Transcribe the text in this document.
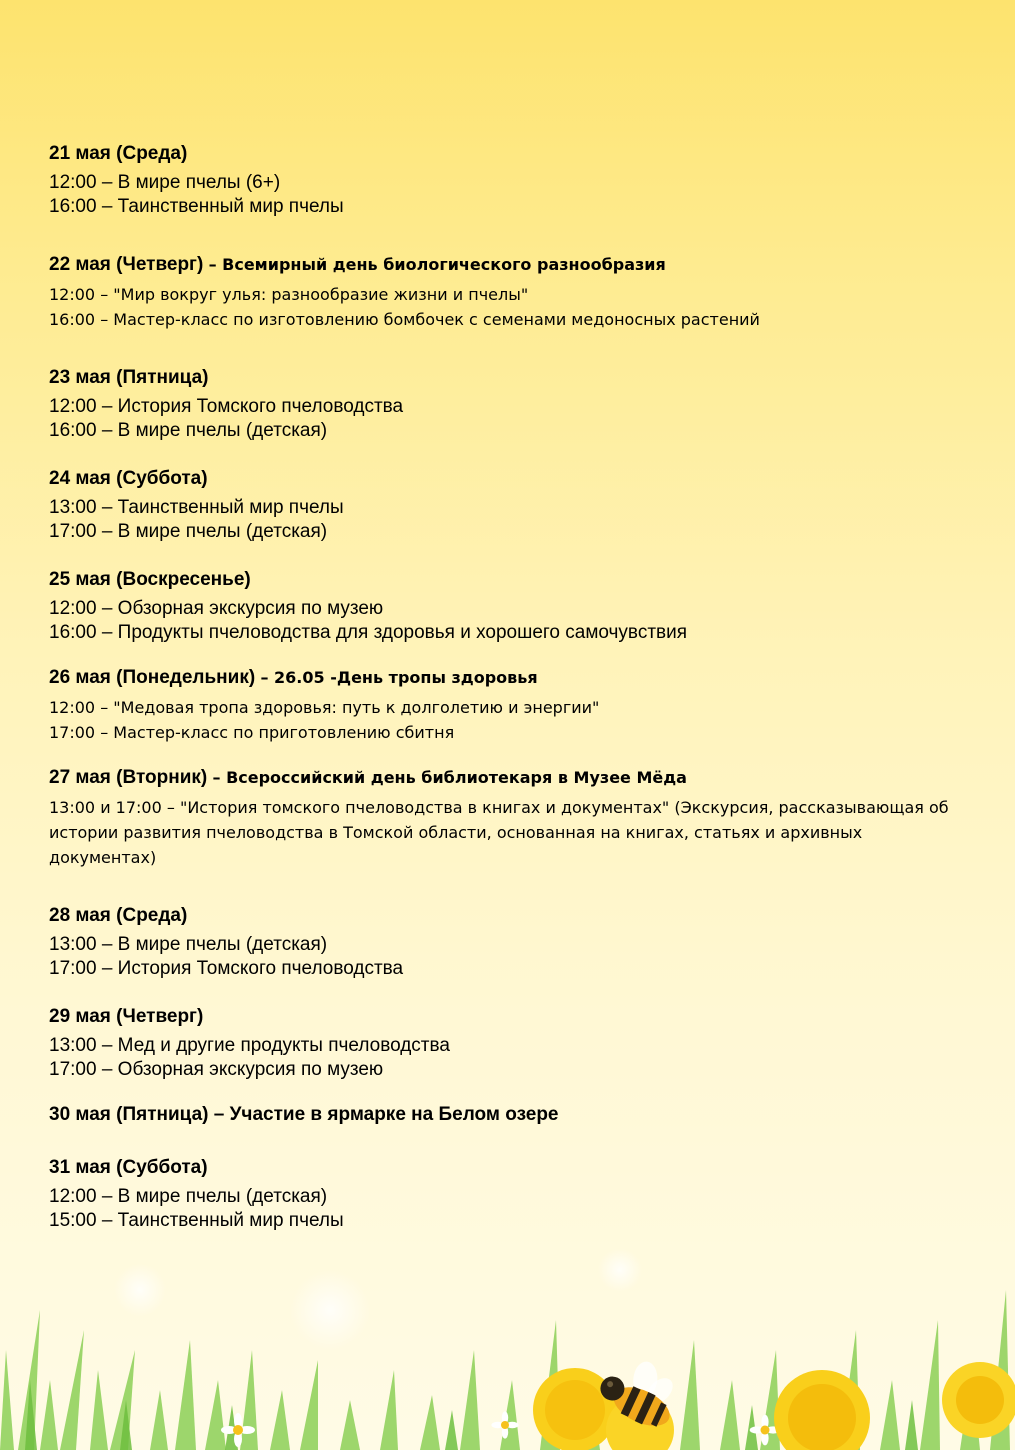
21 мая (Среда)
12:00 – В мире пчелы (6+)
16:00 – Таинственный мир пчелы
22 мая (Четверг) – Всемирный день биологического разнообразия
12:00 – "Мир вокруг улья: разнообразие жизни и пчелы"
16:00 – Мастер-класс по изготовлению бомбочек с семенами медоносных растений
23 мая (Пятница)
12:00 – История Томского пчеловодства
16:00 – В мире пчелы (детская)
24 мая (Суббота)
13:00 – Таинственный мир пчелы
17:00 – В мире пчелы (детская)
25 мая (Воскресенье)
12:00 – Обзорная экскурсия по музею
16:00 – Продукты пчеловодства для здоровья и хорошего самочувствия
26 мая (Понедельник) – 26.05 -День тропы здоровья
12:00 – "Медовая тропа здоровья: путь к долголетию и энергии"
17:00 – Мастер-класс по приготовлению сбитня
27 мая (Вторник) – Всероссийский день библиотекаря в Музее Мёда
13:00 и 17:00 – "История томского пчеловодства в книгах и документах" (Экскурсия, рассказывающая об истории развития пчеловодства в Томской области, основанная на книгах, статьях и архивных документах)
28 мая (Среда)
13:00 – В мире пчелы (детская)
17:00 – История Томского пчеловодства
29 мая (Четверг)
13:00 – Мед и другие продукты пчеловодства
17:00 – Обзорная экскурсия по музею
30 мая (Пятница) – Участие в ярмарке на Белом озере
31 мая (Суббота)
12:00 – В мире пчелы (детская)
15:00 – Таинственный мир пчелы
